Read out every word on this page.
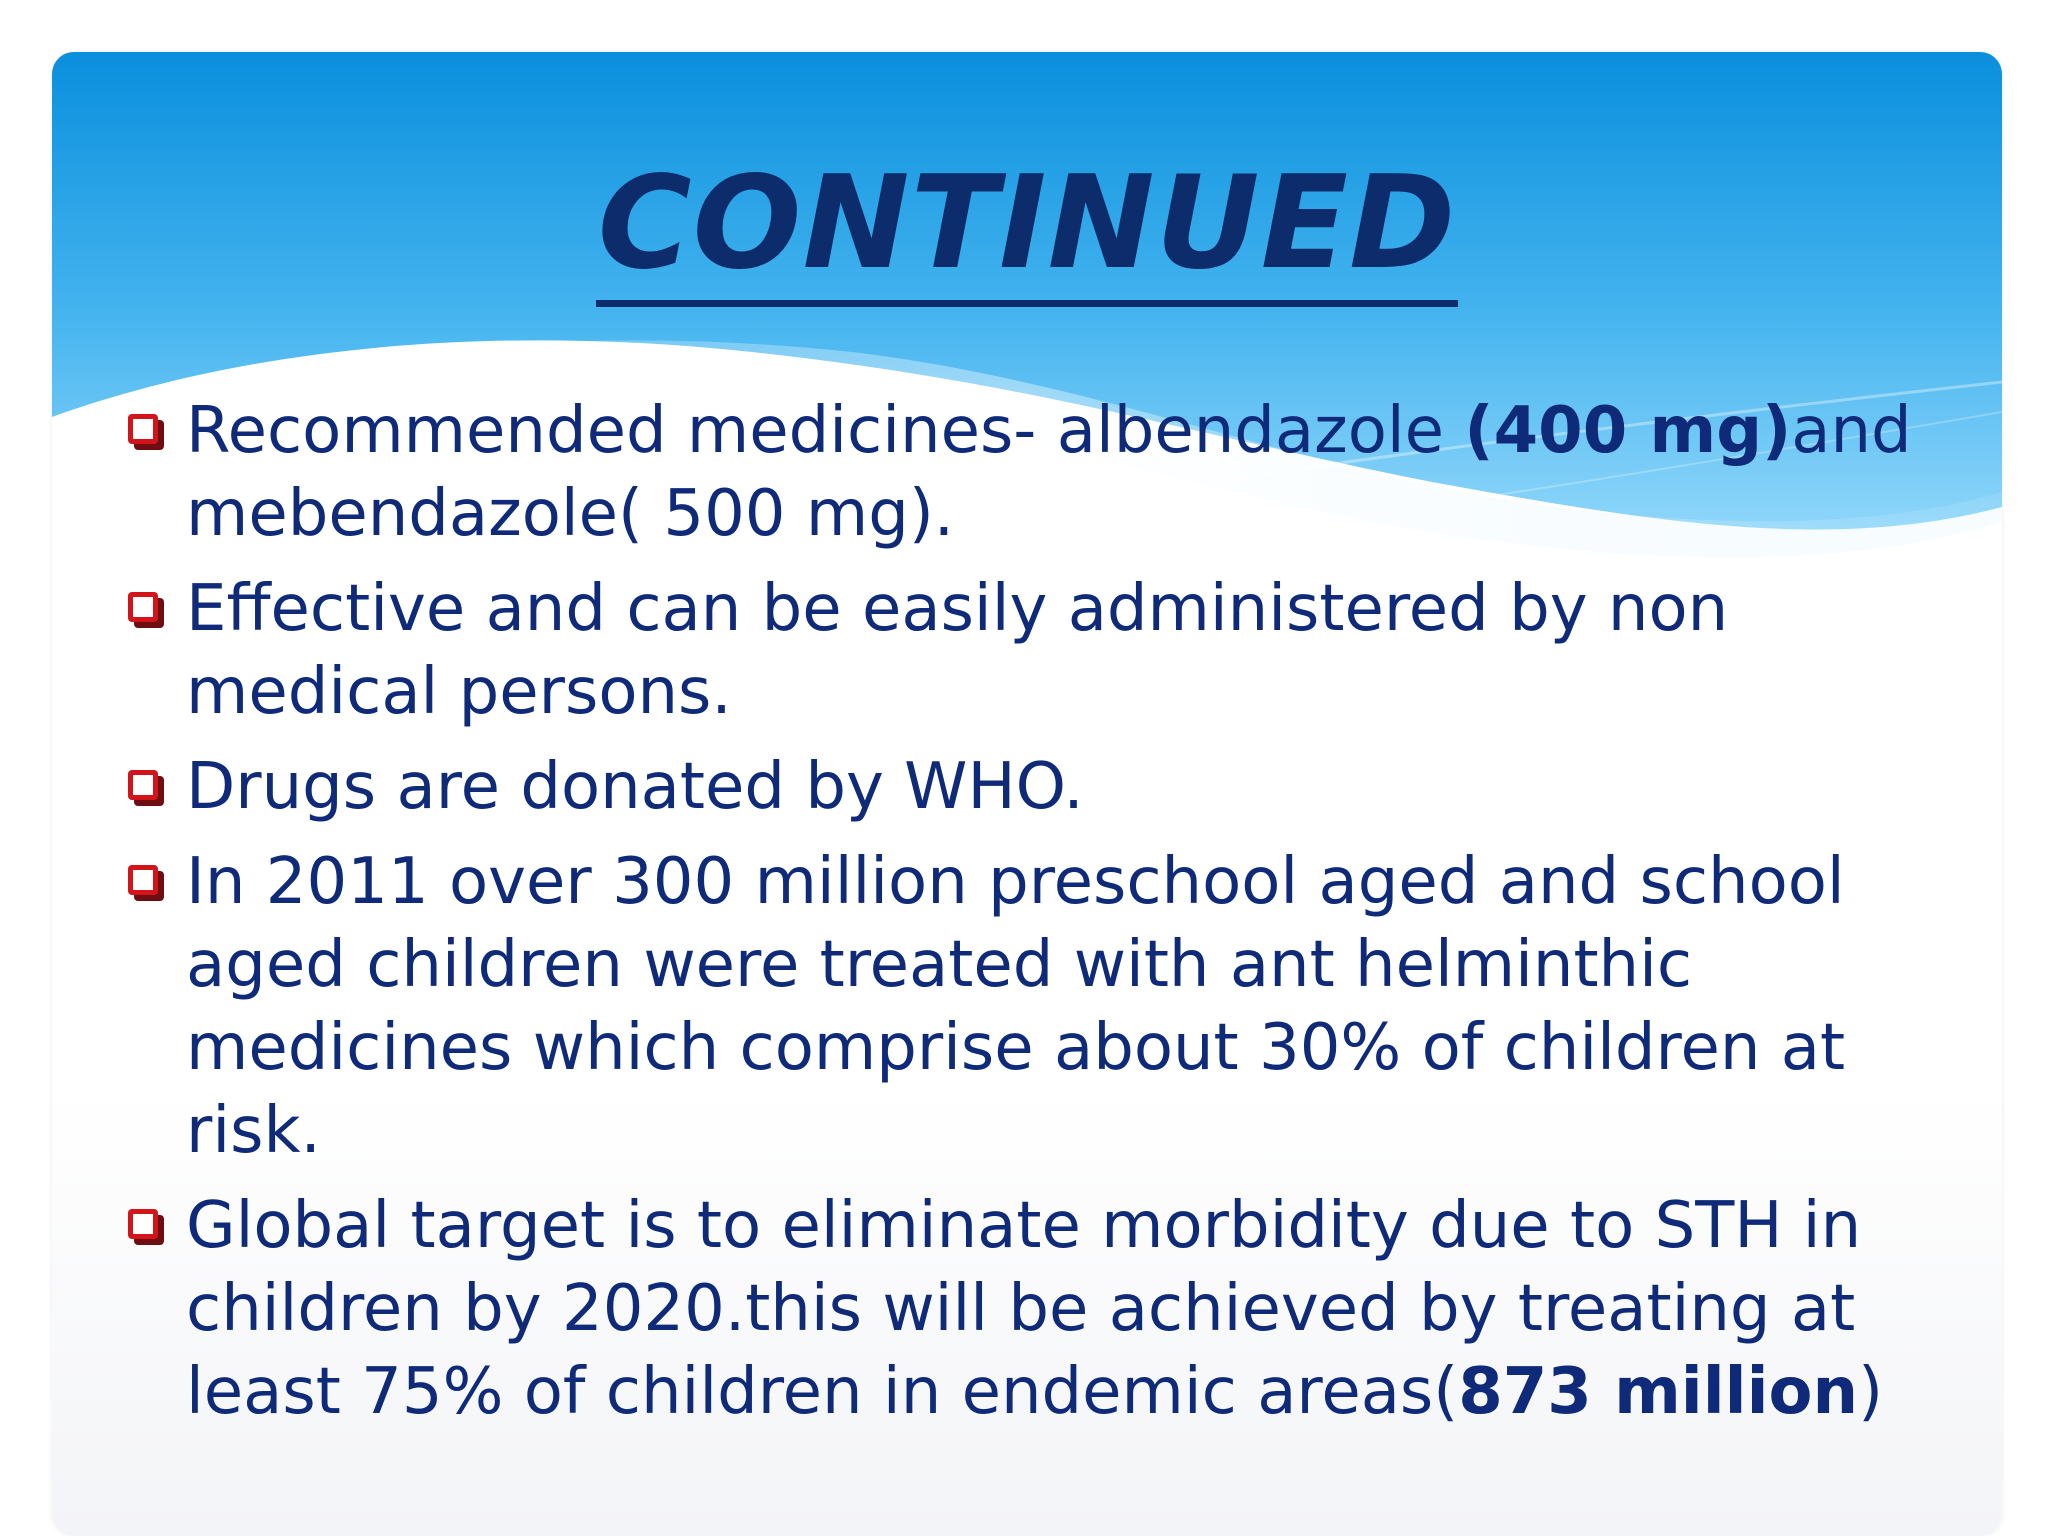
CONTINUED
Recommended medicines- albendazole (400 mg)and mebendazole( 500 mg).
Effective and can be easily administered by non medical persons.
Drugs are donated by WHO.
In 2011 over 300 million preschool aged and school aged children were treated with ant helminthic medicines which comprise about 30% of children at risk.
Global target is to eliminate morbidity due to STH in children by 2020.this will be achieved by treating at least 75% of children in endemic areas(873 million)
